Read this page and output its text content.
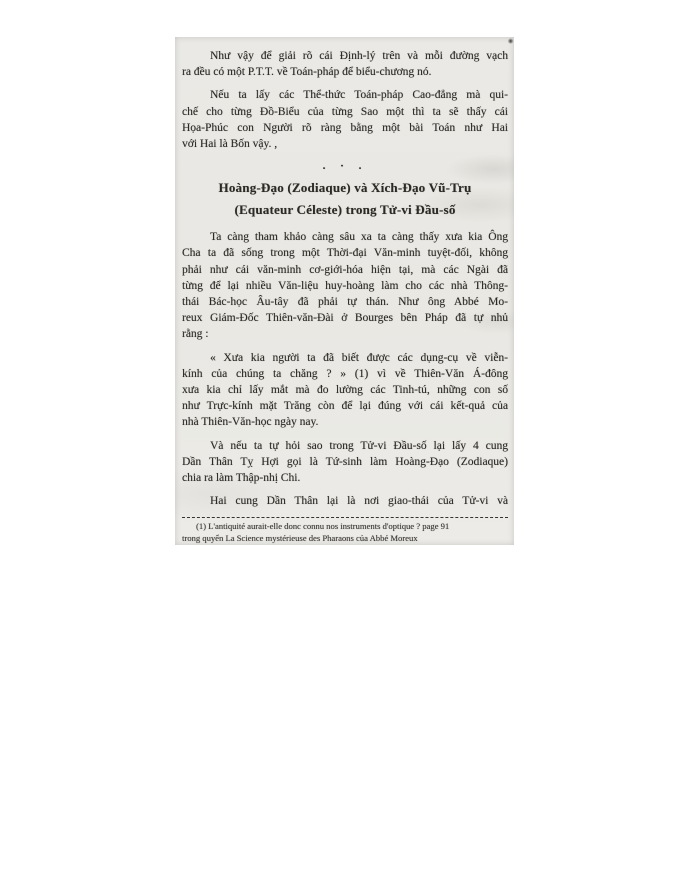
Như vậy để giải rõ cái Định-lý trên và mỗi đường vạch
ra đều có một P.T.T. về Toán-pháp để biểu-chương nó.
Nếu ta lấy các Thể-thức Toán-pháp Cao-đẳng mà qui-
chế cho từng Đồ-Biểu của từng Sao một thì ta sẽ thấy cái
Họa-Phúc con Người rõ ràng bằng một bài Toán như Hai
với Hai là Bốn vậy. ,
. · .
Hoàng-Đạo (Zodiaque) và Xích-Đạo Vũ-Trụ
(Equateur Céleste) trong Tử-vi Đầu-số
Ta càng tham khảo càng sâu xa ta càng thấy xưa kia Ông
Cha ta đã sống trong một Thời-đại Văn-minh tuyệt-đối, không
phải như cái văn-minh cơ-giới-hóa hiện tại, mà các Ngài đã
từng để lại nhiều Văn-liệu huy-hoàng làm cho các nhà Thông-
thái Bác-học Âu-tây đã phải tự thán. Như ông Abbé Mo-
reux Giám-Đốc Thiên-văn-Đài ở Bourges bên Pháp đã tự nhủ
rằng :
« Xưa kia người ta đã biết được các dụng-cụ về viễn-
kính của chúng ta chăng ? » (1) vì về Thiên-Văn Á-đông
xưa kia chỉ lấy mắt mà đo lường các Tinh-tú, những con số
như Trực-kính mặt Trăng còn để lại đúng với cái kết-quả của
nhà Thiên-Văn-học ngày nay.
Và nếu ta tự hỏi sao trong Tử-vi Đầu-số lại lấy 4 cung
Dần Thân Tỵ Hợi gọi là Tứ-sinh làm Hoàng-Đạo (Zodiaque)
chia ra làm Thập-nhị Chi.
Hai cung Dần Thân lại là nơi giao-thái của Tử-vi và
(1) L'antiquité aurait-elle donc connu nos instruments d'optique ? page 91
trong quyển La Science mystérieuse des Pharaons của Abbé Moreux
